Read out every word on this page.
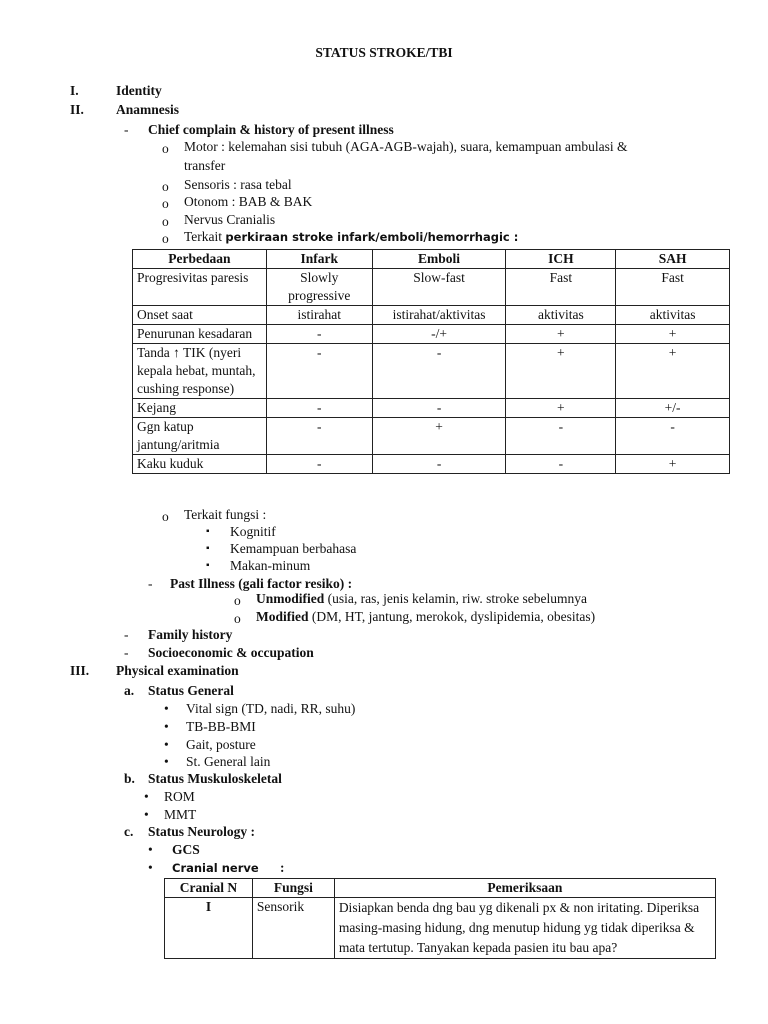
STATUS STROKE/TBI
I.	Identity
II. Anamnesis
- Chief complain & history of present illness
o Motor : kelemahan sisi tubuh (AGA-AGB-wajah), suara, kemampuan ambulasi &
transfer
o Sensoris : rasa tebal
o Otonom : BAB & BAK
o Nervus Cranialis
o Terkait perkiraan stroke infark/emboli/hemorrhagic :
Perbedaan	Infark	Emboli	ICH	SAH
Progresivitas paresis	Slowly progressive	Slow-fast	Fast	Fast
Onset saat	istirahat	istirahat/aktivitas	aktivitas	aktivitas
Penurunan kesadaran	-	-/+	+	+
Tanda ↑ TIK (nyeri kepala hebat, muntah, cushing response)	-	-	+	+
Kejang	-	-	+	+/-
Ggn katup jantung/aritmia	-	+	-	-
Kaku kuduk	-	-	-	+
o Terkait fungsi :
▪ Kognitif
▪ Kemampuan berbahasa
▪ Makan-minum
- Past Illness (gali factor resiko) :
o Unmodified (usia, ras, jenis kelamin, riw. stroke sebelumnya
o Modified (DM, HT, jantung, merokok, dyslipidemia, obesitas)
- Family history
- Socioeconomic & occupation
III. Physical examination
a. Status General
• Vital sign (TD, nadi, RR, suhu)
• TB-BB-BMI
• Gait, posture
• St. General lain
b. Status Muskuloskeletal
• ROM
• MMT
c. Status Neurology :
• GCS
• Cranial nerve :
Cranial N	Fungsi	Pemeriksaan
I	Sensorik	Disiapkan benda dng bau yg dikenali px & non iritating. Diperiksa masing-masing hidung, dng menutup hidung yg tidak diperiksa & mata tertutup. Tanyakan kepada pasien itu bau apa?
